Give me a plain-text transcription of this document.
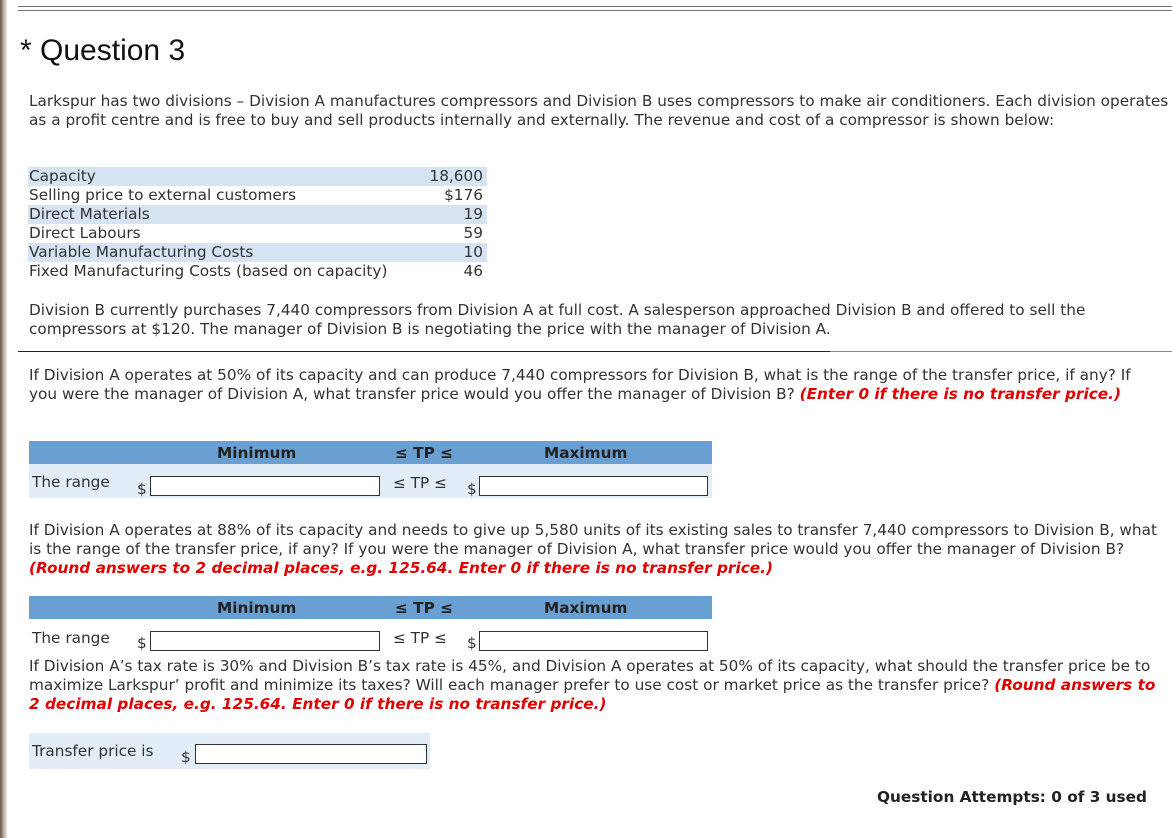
* Question 3
Larkspur has two divisions – Division A manufactures compressors and Division B uses compressors to make air conditioners. Each division operates as a profit centre and is free to buy and sell products internally and externally. The revenue and cost of a compressor is shown below:
Capacity	18,600
Selling price to external customers	$176
Direct Materials	19
Direct Labours	59
Variable Manufacturing Costs	10
Fixed Manufacturing Costs (based on capacity)	46
Division B currently purchases 7,440 compressors from Division A at full cost. A salesperson approached Division B and offered to sell the compressors at $120. The manager of Division B is negotiating the price with the manager of Division A.
If Division A operates at 50% of its capacity and can produce 7,440 compressors for Division B, what is the range of the transfer price, if any? If you were the manager of Division A, what transfer price would you offer the manager of Division B? (Enter 0 if there is no transfer price.)
Minimum	≤ TP ≤	Maximum
The range $	≤ TP ≤ $
If Division A operates at 88% of its capacity and needs to give up 5,580 units of its existing sales to transfer 7,440 compressors to Division B, what is the range of the transfer price, if any? If you were the manager of Division A, what transfer price would you offer the manager of Division B? (Round answers to 2 decimal places, e.g. 125.64. Enter 0 if there is no transfer price.)
Minimum	≤ TP ≤	Maximum
The range $	≤ TP ≤ $
If Division A’s tax rate is 30% and Division B’s tax rate is 45%, and Division A operates at 50% of its capacity, what should the transfer price be to maximize Larkspur’ profit and minimize its taxes? Will each manager prefer to use cost or market price as the transfer price? (Round answers to 2 decimal places, e.g. 125.64. Enter 0 if there is no transfer price.)
Transfer price is $
Question Attempts: 0 of 3 used
